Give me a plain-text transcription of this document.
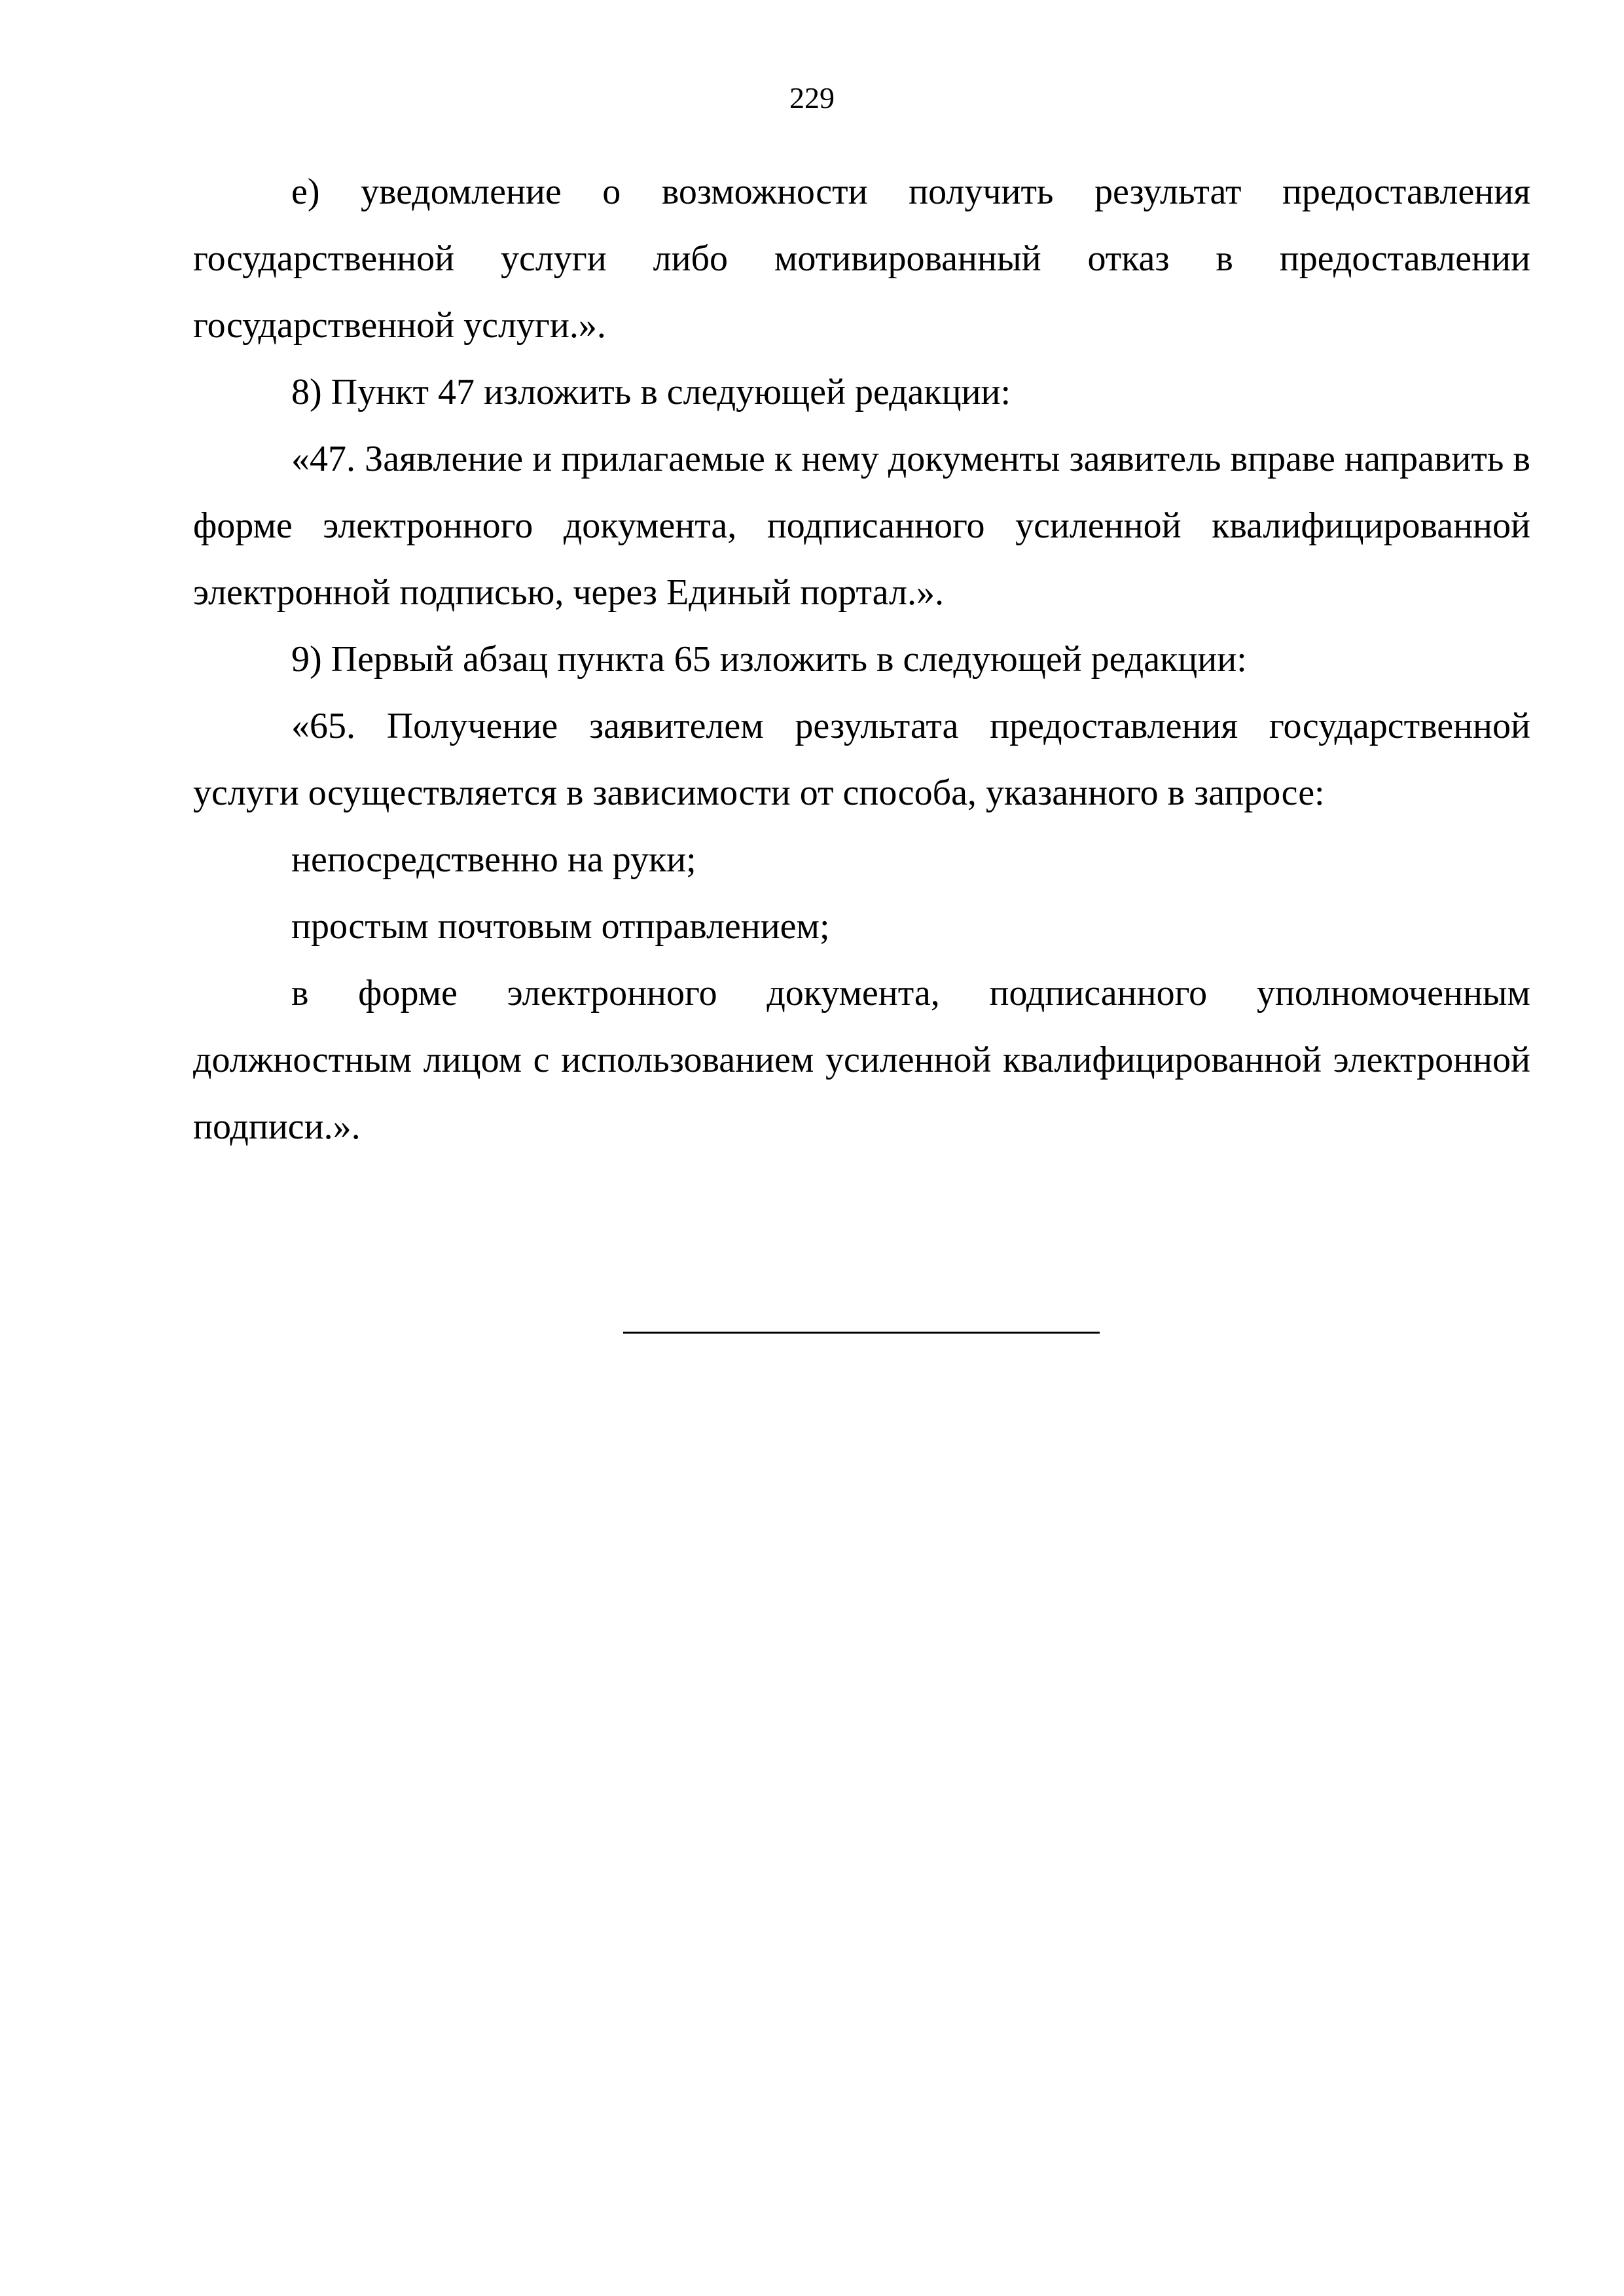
229

е) уведомление о возможности получить результат предоставления государственной услуги либо мотивированный отказ в предоставлении государственной услуги.».

8) Пункт 47 изложить в следующей редакции:

«47. Заявление и прилагаемые к нему документы заявитель вправе направить в форме электронного документа, подписанного усиленной квалифицированной электронной подписью, через Единый портал.».

9) Первый абзац пункта 65 изложить в следующей редакции:

«65. Получение заявителем результата предоставления государственной услуги осуществляется в зависимости от способа, указанного в запросе:

непосредственно на руки;

простым почтовым отправлением;

в форме электронного документа, подписанного уполномоченным должностным лицом с использованием усиленной квалифицированной электронной подписи.».
